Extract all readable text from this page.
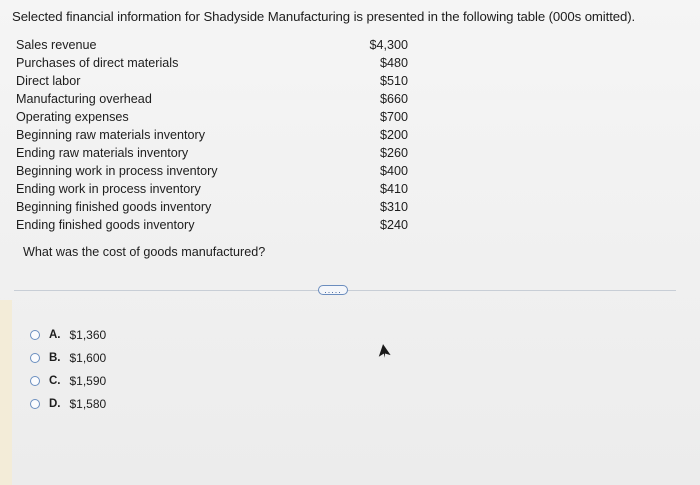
Selected financial information for Shadyside Manufacturing is presented in the following table (000s omitted).
Sales revenue	$4,300
Purchases of direct materials	$480
Direct labor	$510
Manufacturing overhead	$660
Operating expenses	$700
Beginning raw materials inventory	$200
Ending raw materials inventory	$260
Beginning work in process inventory	$400
Ending work in process inventory	$410
Beginning finished goods inventory	$310
Ending finished goods inventory	$240
What was the cost of goods manufactured?
.....
A. $1,360
B. $1,600
C. $1,590
D. $1,580
